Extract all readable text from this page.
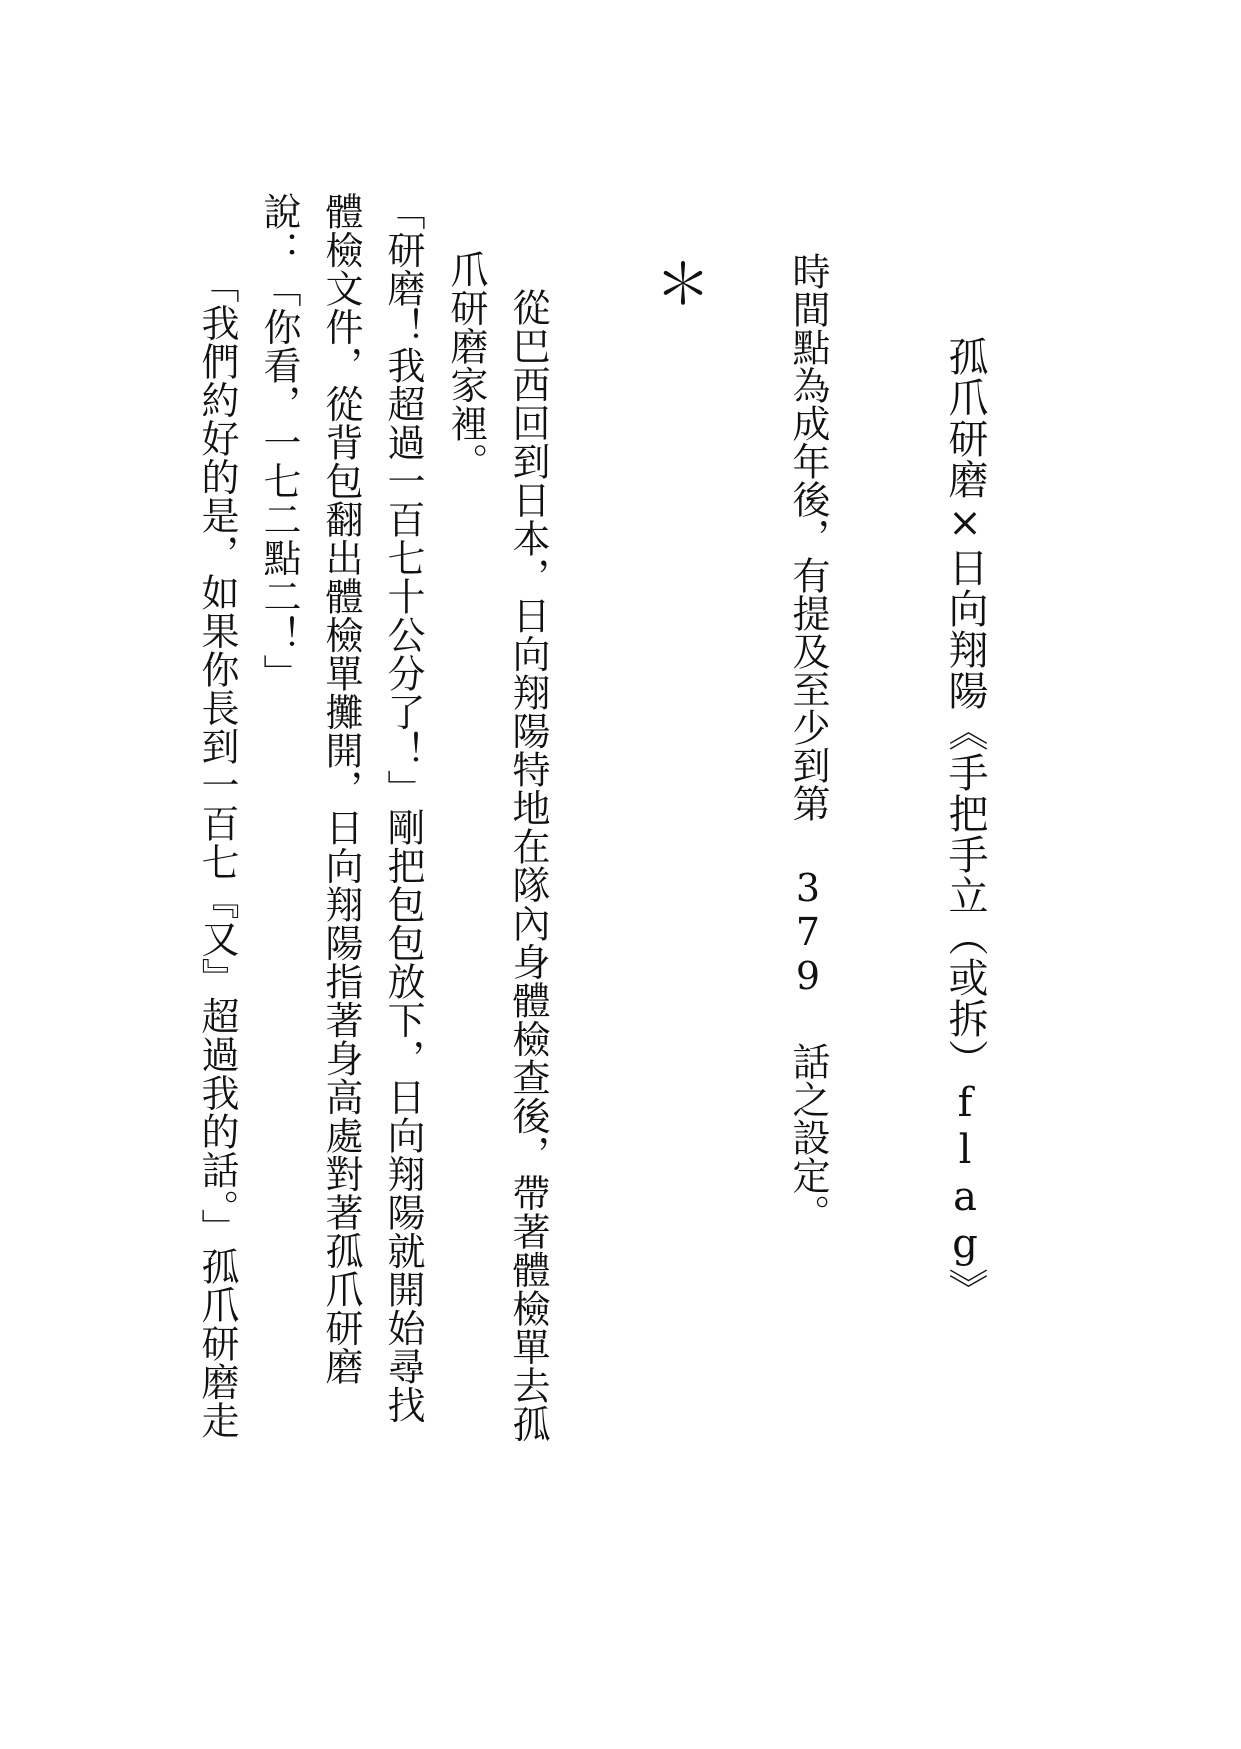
孤爪研磨×日向翔陽《手把手立（或拆）flag》
時間點為成年後，有提及至少到第 379 話之設定。
＊
從巴西回到日本，日向翔陽特地在隊內身體檢查後，帶著體檢單去孤爪研磨家裡。
「研磨！我超過一百七十公分了！」剛把包包放下，日向翔陽就開始尋找體檢文件，從背包翻出體檢單攤開，日向翔陽指著身高處對著孤爪研磨說：「你看，一七二點二！」
「我們約好的是，如果你長到一百七『又』超過我的話。」孤爪研磨走
